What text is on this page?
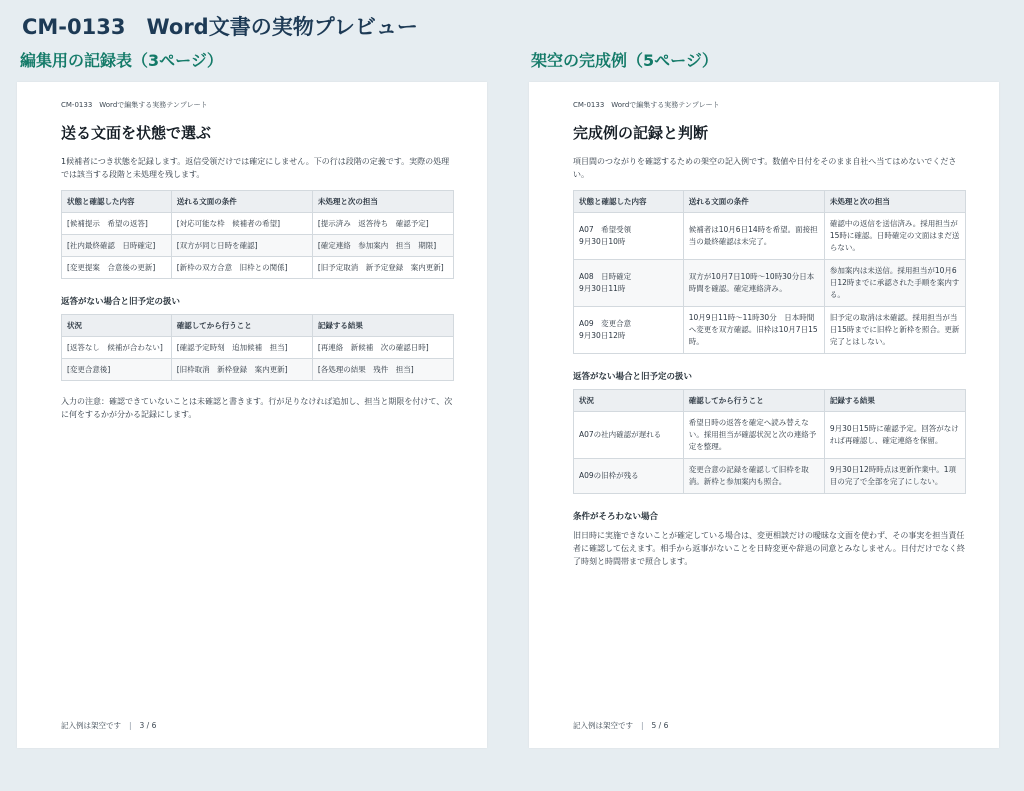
CM-0133　Word文書の実物プレビュー
編集用の記録表（3ページ）	架空の完成例（5ページ）
CM-0133　Wordで編集する実務テンプレート
送る文面を状態で選ぶ
1候補者につき状態を記録します。返信受領だけでは確定にしません。下の行は段階の定義です。実際の処理では該当する段階と未処理を残します。
状態と確認した内容	送れる文面の条件	未処理と次の担当
[候補提示　希望の返答]	[対応可能な枠　候補者の希望]	[提示済み　返答待ち　確認予定]
[社内最終確認　日時確定]	[双方が同じ日時を確認]	[確定連絡　参加案内　担当　期限]
[変更提案　合意後の更新]	[新枠の双方合意　旧枠との関係]	[旧予定取消　新予定登録　案内更新]
返答がない場合と旧予定の扱い
状況	確認してから行うこと	記録する結果
[返答なし　候補が合わない]	[確認予定時刻　追加候補　担当]	[再連絡　新候補　次の確認日時]
[変更合意後]	[旧枠取消　新枠登録　案内更新]	[各処理の結果　残件　担当]
入力の注意：確認できていないことは未確認と書きます。行が足りなければ追加し、担当と期限を付けて、次に何をするかが分かる記録にします。
記入例は架空です | 3 / 6
CM-0133　Wordで編集する実務テンプレート
完成例の記録と判断
項目間のつながりを確認するための架空の記入例です。数値や日付をそのまま自社へ当てはめないでください。
状態と確認した内容	送れる文面の条件	未処理と次の担当
A07　希望受領
9月30日10時	候補者は10月6日14時を希望。面接担当の最終確認は未完了。	確認中の返信を送信済み。採用担当が15時に確認。日時確定の文面はまだ送らない。
A08　日時確定
9月30日11時	双方が10月7日10時〜10時30分日本時間を確認。確定連絡済み。	参加案内は未送信。採用担当が10月6日12時までに承認された手順を案内する。
A09　変更合意
9月30日12時	10月9日11時〜11時30分　日本時間へ変更を双方確認。旧枠は10月7日15時。	旧予定の取消は未確認。採用担当が当日15時までに旧枠と新枠を照合。更新完了とはしない。
返答がない場合と旧予定の扱い
状況	確認してから行うこと	記録する結果
A07の社内確認が遅れる	希望日時の返答を確定へ読み替えない。採用担当が確認状況と次の連絡予定を整理。	9月30日15時に確認予定。回答がなければ再確認し、確定連絡を保留。
A09の旧枠が残る	変更合意の記録を確認して旧枠を取消。新枠と参加案内も照合。	9月30日12時時点は更新作業中。1項目の完了で全部を完了にしない。
条件がそろわない場合
旧日時に実施できないことが確定している場合は、変更相談だけの曖昧な文面を使わず、その事実を担当責任者に確認して伝えます。相手から返事がないことを日時変更や辞退の同意とみなしません。日付だけでなく終了時刻と時間帯まで照合します。
記入例は架空です | 5 / 6
